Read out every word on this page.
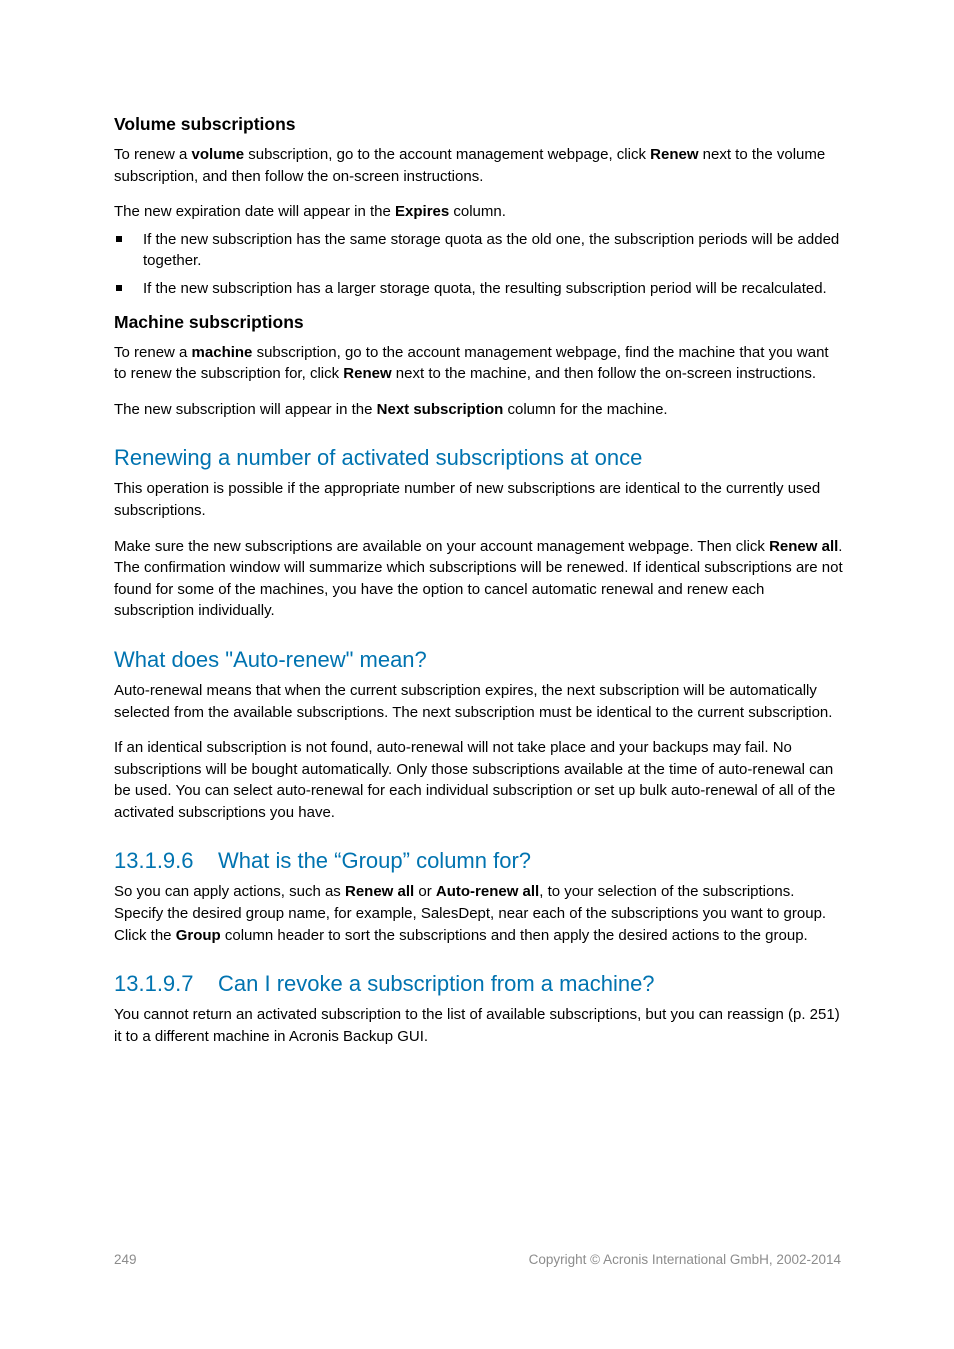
Volume subscriptions

To renew a volume subscription, go to the account management webpage, click Renew next to the volume subscription, and then follow the on-screen instructions.

The new expiration date will appear in the Expires column.

If the new subscription has the same storage quota as the old one, the subscription periods will be added together.
If the new subscription has a larger storage quota, the resulting subscription period will be recalculated.
Machine subscriptions

To renew a machine subscription, go to the account management webpage, find the machine that you want to renew the subscription for, click Renew next to the machine, and then follow the on-screen instructions.

The new subscription will appear in the Next subscription column for the machine.

Renewing a number of activated subscriptions at once

This operation is possible if the appropriate number of new subscriptions are identical to the currently used subscriptions.

Make sure the new subscriptions are available on your account management webpage. Then click Renew all. The confirmation window will summarize which subscriptions will be renewed. If identical subscriptions are not found for some of the machines, you have the option to cancel automatic renewal and renew each subscription individually.

What does "Auto-renew" mean?

Auto-renewal means that when the current subscription expires, the next subscription will be automatically selected from the available subscriptions. The next subscription must be identical to the current subscription.

If an identical subscription is not found, auto-renewal will not take place and your backups may fail. No subscriptions will be bought automatically. Only those subscriptions available at the time of auto-renewal can be used. You can select auto-renewal for each individual subscription or set up bulk auto-renewal of all of the activated subscriptions you have.

13.1.9.6 What is the “Group” column for?

So you can apply actions, such as Renew all or Auto-renew all, to your selection of the subscriptions. Specify the desired group name, for example, SalesDept, near each of the subscriptions you want to group. Click the Group column header to sort the subscriptions and then apply the desired actions to the group.

13.1.9.7 Can I revoke a subscription from a machine?

You cannot return an activated subscription to the list of available subscriptions, but you can reassign (p. 251) it to a different machine in Acronis Backup GUI.

249	Copyright © Acronis International GmbH, 2002-2014
